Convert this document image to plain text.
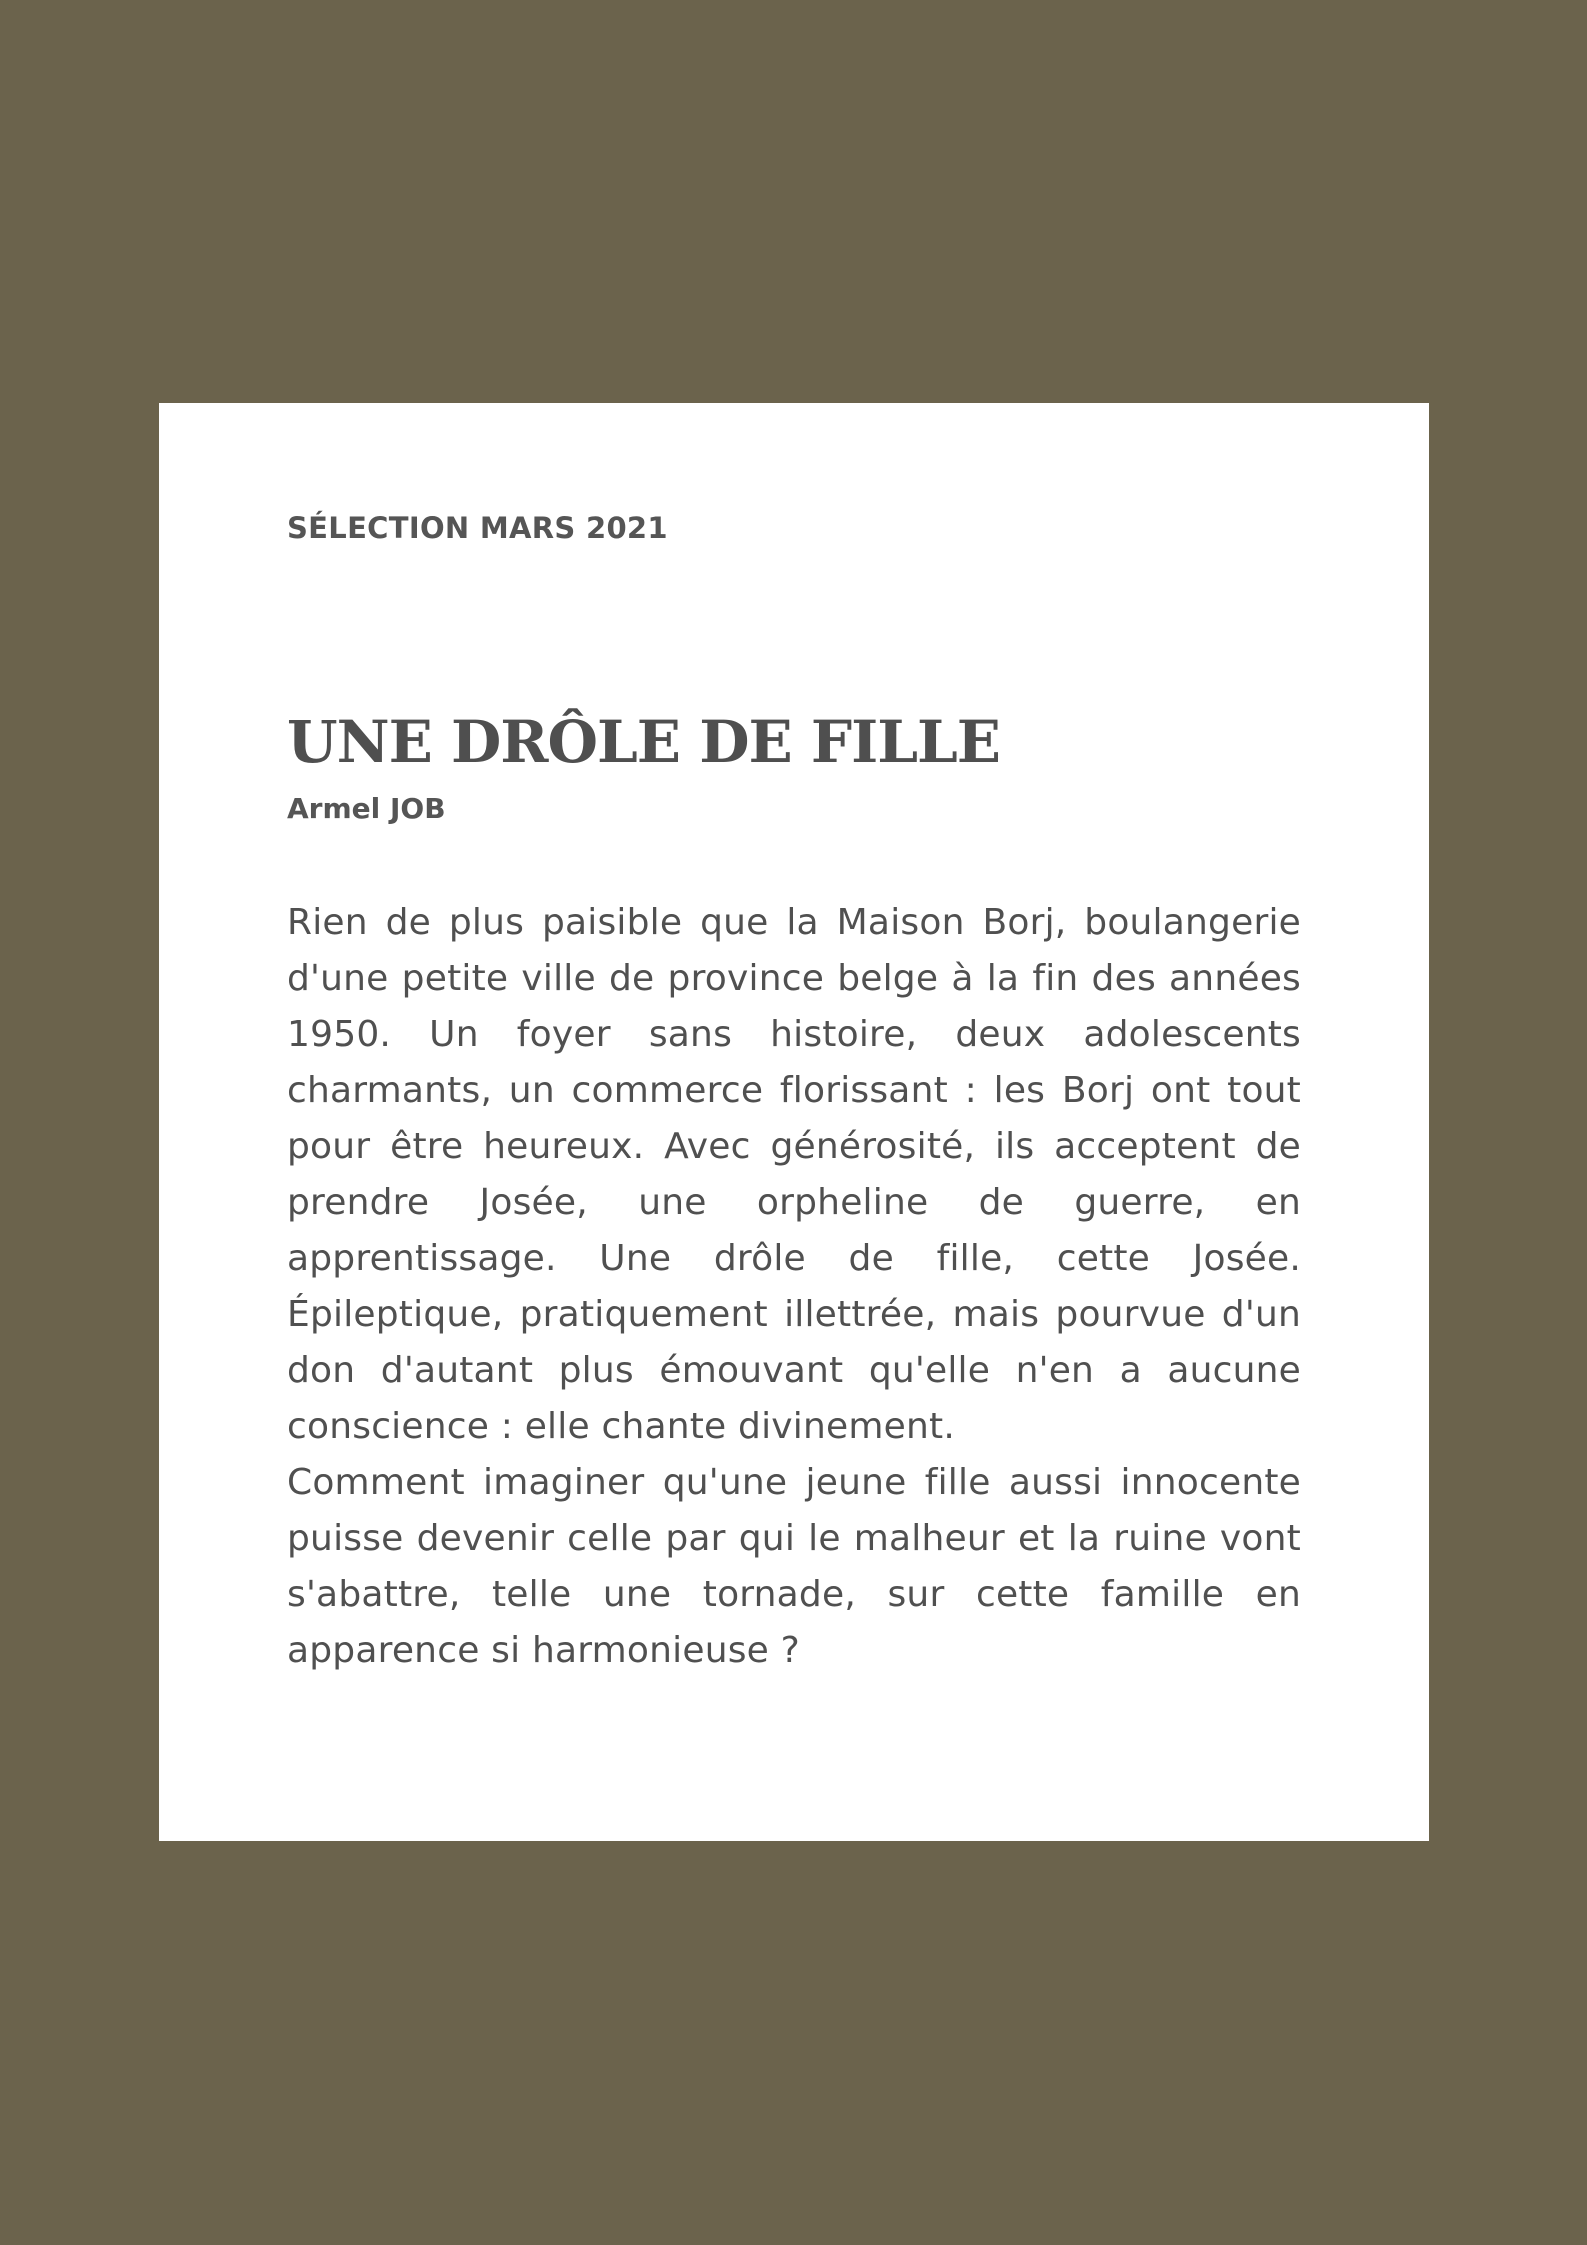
SÉLECTION MARS 2021
UNE DRÔLE DE FILLE
Armel JOB

Rien de plus paisible que la Maison Borj, boulangerie d'une petite ville de province belge à la fin des années 1950. Un foyer sans histoire, deux adolescents charmants, un commerce florissant : les Borj ont tout pour être heureux. Avec générosité, ils acceptent de prendre Josée, une orpheline de guerre, en apprentissage. Une drôle de fille, cette Josée. Épileptique, pratiquement illettrée, mais pourvue d'un don d'autant plus émouvant qu'elle n'en a aucune conscience : elle chante divinement.

Comment imaginer qu'une jeune fille aussi innocente puisse devenir celle par qui le malheur et la ruine vont s'abattre, telle une tornade, sur cette famille en apparence si harmonieuse ?
